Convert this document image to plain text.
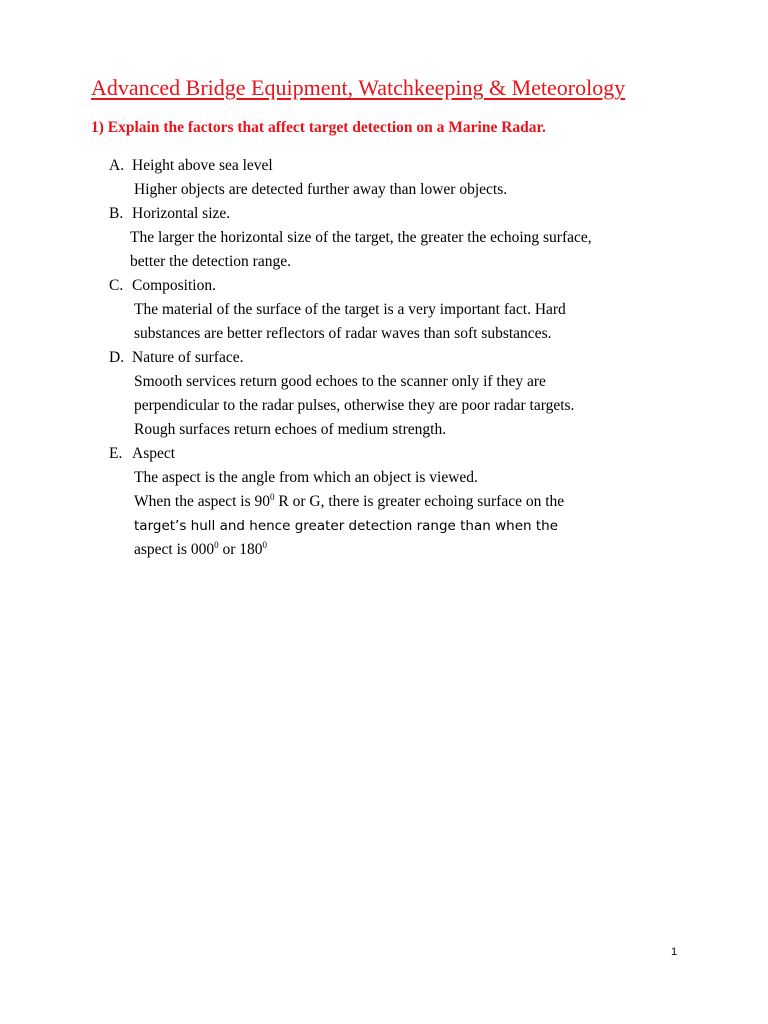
Advanced Bridge Equipment, Watchkeeping & Meteorology
1) Explain the factors that affect target detection on a Marine Radar.

A. Height above sea level

Higher objects are detected further away than lower objects.

B. Horizontal size.

The larger the horizontal size of the target, the greater the echoing surface,

better the detection range.

C. Composition.

The material of the surface of the target is a very important fact. Hard

substances are better reflectors of radar waves than soft substances.

D. Nature of surface.

Smooth services return good echoes to the scanner only if they are

perpendicular to the radar pulses, otherwise they are poor radar targets.

Rough surfaces return echoes of medium strength.

E. Aspect

The aspect is the angle from which an object is viewed.

When the aspect is $90^0$ R or G, there is greater echoing surface on the

target’s hull and hence greater detection range than when the

aspect is $000^0$ or $180^0$

1
